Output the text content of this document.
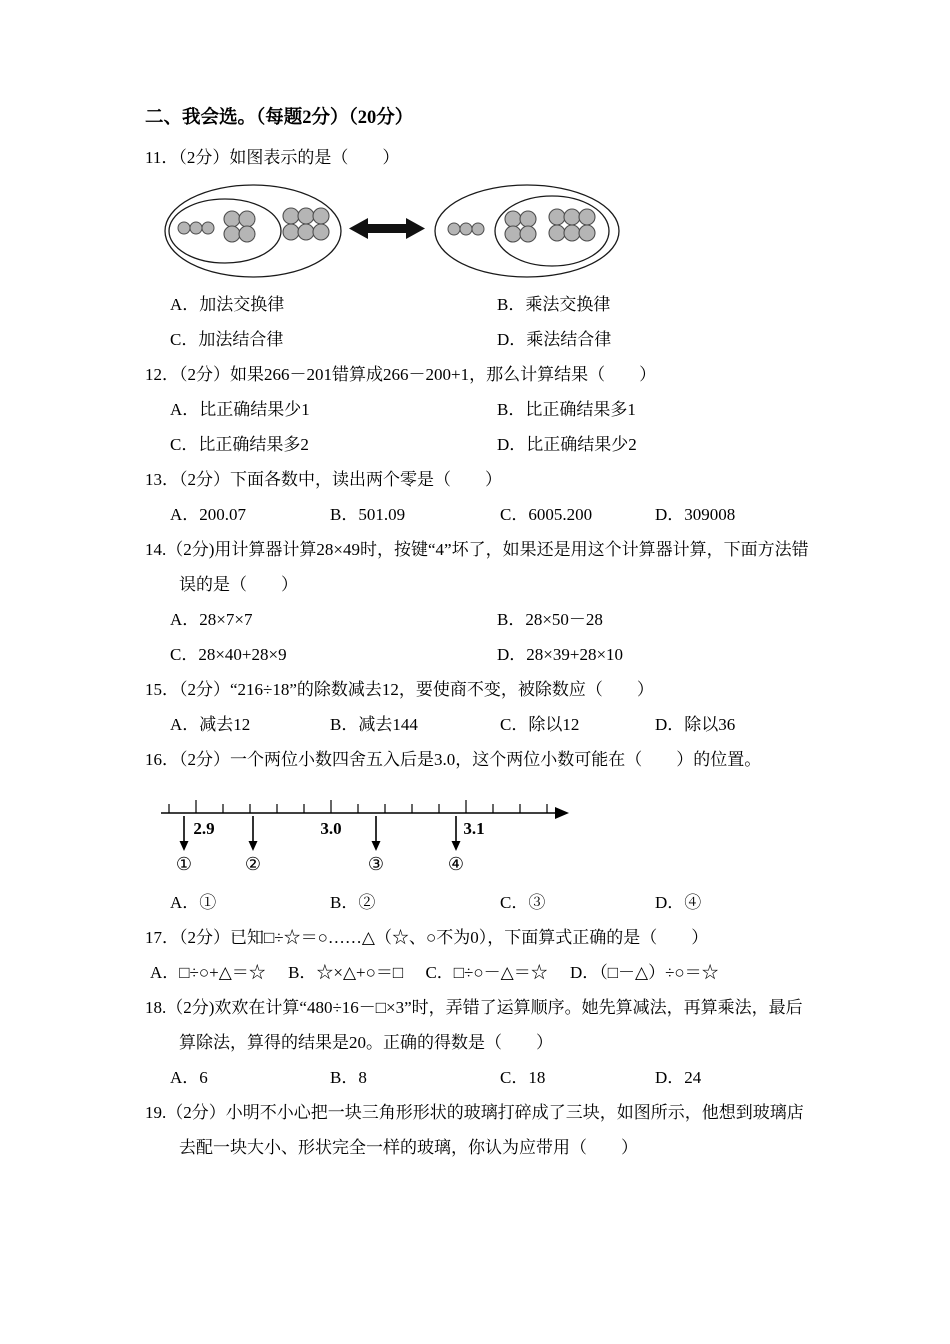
二、我会选。（每题2分）（20分）

11．（2分）如图表示的是（　　）

A．加法交换律	B．乘法交换律
C．加法结合律	D．乘法结合律

12．（2分）如果266－201错算成266－200+1，那么计算结果（　　）

A．比正确结果少1	B．比正确结果多1
C．比正确结果多2	D．比正确结果少2

13．（2分）下面各数中，读出两个零是（　　）

A．200.07	B．501.09	C．6005.200	D．309008

14.（2分)用计算器计算28×49时，按键“4”坏了，如果还是用这个计算器计算，下面方法错误的是（　　）

A．28×7×7	B．28×50－28
C．28×40+28×9	D．28×39+28×10

15．（2分）“216÷18”的除数减去12，要使商不变，被除数应（　　）

A．减去12	B．减去144	C．除以12	D．除以36

16．（2分）一个两位小数四舍五入后是3.0，这个两位小数可能在（　　）的位置。

2.9	3.0	3.1
①	②	③	④
A．①	B．②	C．③	D．④

17．（2分）已知□÷☆＝○……△（☆、○不为0），下面算式正确的是（　　）

A．□÷○+△＝☆ B．☆×△+○＝□ C．□÷○－△＝☆ D．（□－△）÷○＝☆

18.（2分)欢欢在计算“480÷16－□×3”时，弄错了运算顺序。她先算减法，再算乘法，最后算除法，算得的结果是20。正确的得数是（　　）

A．6	B．8	C．18	D．24

19.（2分）小明不小心把一块三角形形状的玻璃打碎成了三块，如图所示，他想到玻璃店去配一块大小、形状完全一样的玻璃，你认为应带用（　　）
